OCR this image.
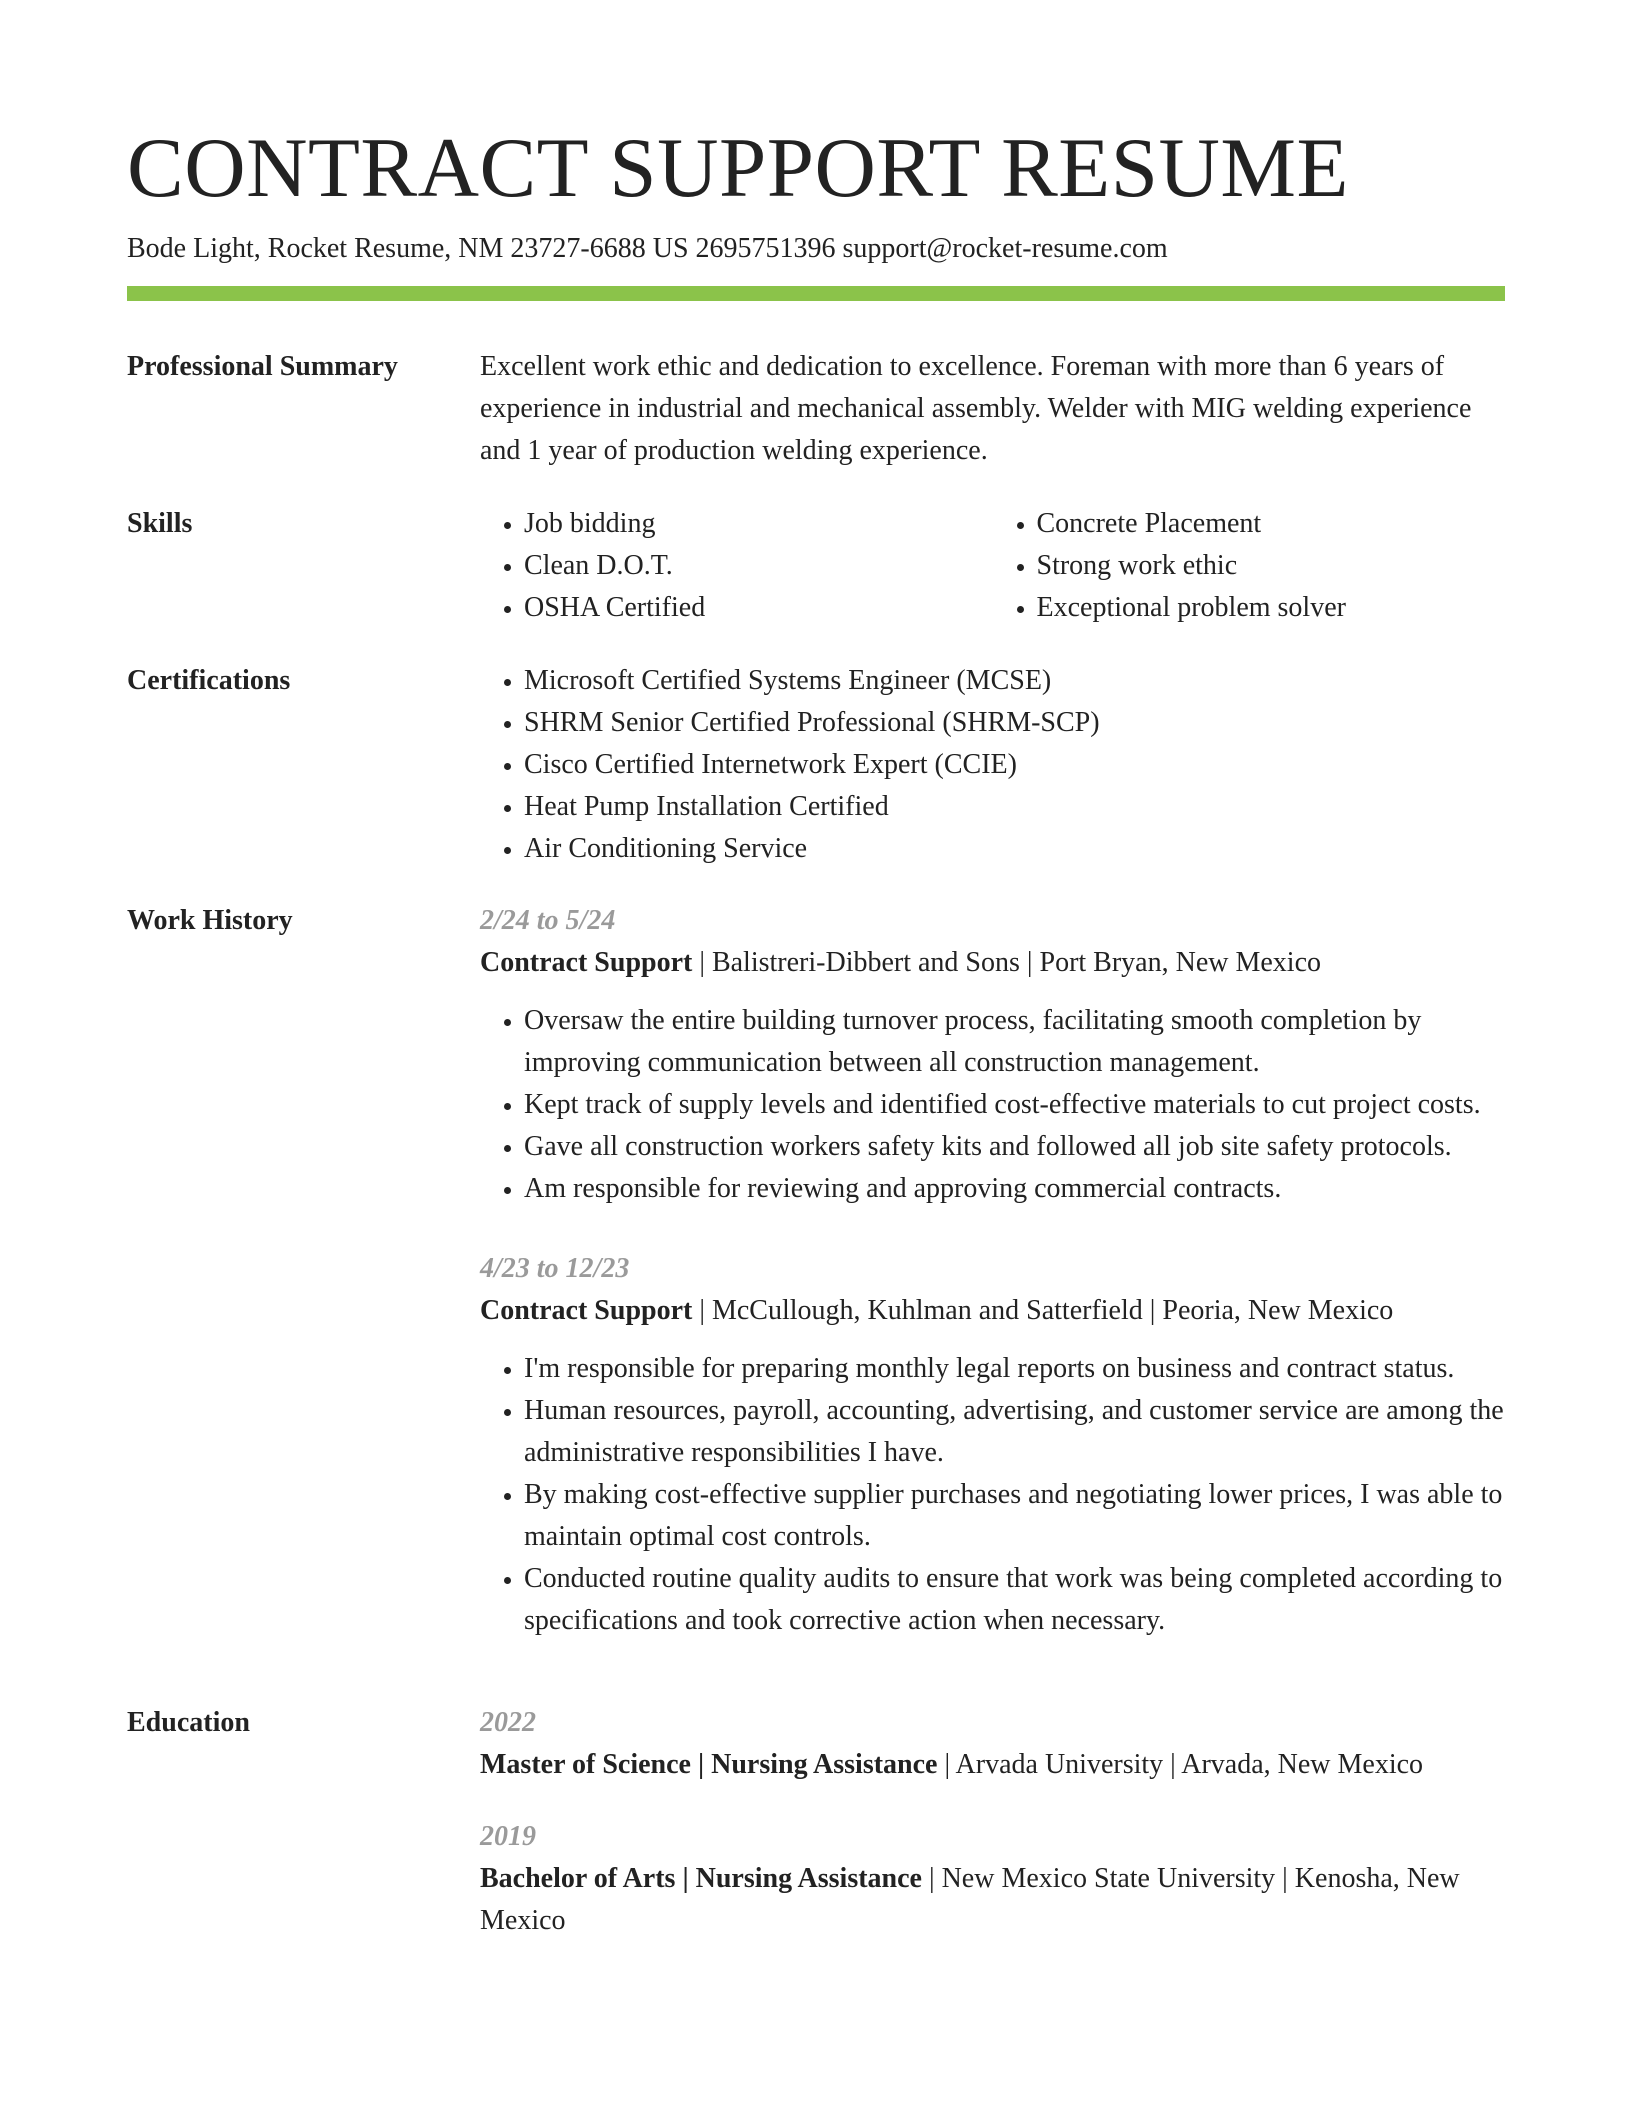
CONTRACT SUPPORT RESUME
Bode Light, Rocket Resume, NM 23727-6688 US 2695751396 support@rocket-resume.com
Professional Summary	Excellent work ethic and dedication to excellence. Foreman with more than 6 years of experience in industrial and mechanical assembly. Welder with MIG welding experience and 1 year of production welding experience.

Skills	• Job bidding
• Clean D.O.T.
• OSHA Certified
• Concrete Placement
• Strong work ethic
• Exceptional problem solver
Certifications	• Microsoft Certified Systems Engineer (MCSE)
• SHRM Senior Certified Professional (SHRM-SCP)
• Cisco Certified Internetwork Expert (CCIE)
• Heat Pump Installation Certified
• Air Conditioning Service
Work History	2/24 to 5/24
Contract Support | Balistreri-Dibbert and Sons | Port Bryan, New Mexico
• Oversaw the entire building turnover process, facilitating smooth completion by improving communication between all construction management.
• Kept track of supply levels and identified cost-effective materials to cut project costs.
• Gave all construction workers safety kits and followed all job site safety protocols.
• Am responsible for reviewing and approving commercial contracts.
4/23 to 12/23
Contract Support | McCullough, Kuhlman and Satterfield | Peoria, New Mexico
• I'm responsible for preparing monthly legal reports on business and contract status.
• Human resources, payroll, accounting, advertising, and customer service are among the administrative responsibilities I have.
• By making cost-effective supplier purchases and negotiating lower prices, I was able to maintain optimal cost controls.
• Conducted routine quality audits to ensure that work was being completed according to specifications and took corrective action when necessary.
Education	2022
Master of Science | Nursing Assistance | Arvada University | Arvada, New Mexico
2019
Bachelor of Arts | Nursing Assistance | New Mexico State University | Kenosha, New Mexico
